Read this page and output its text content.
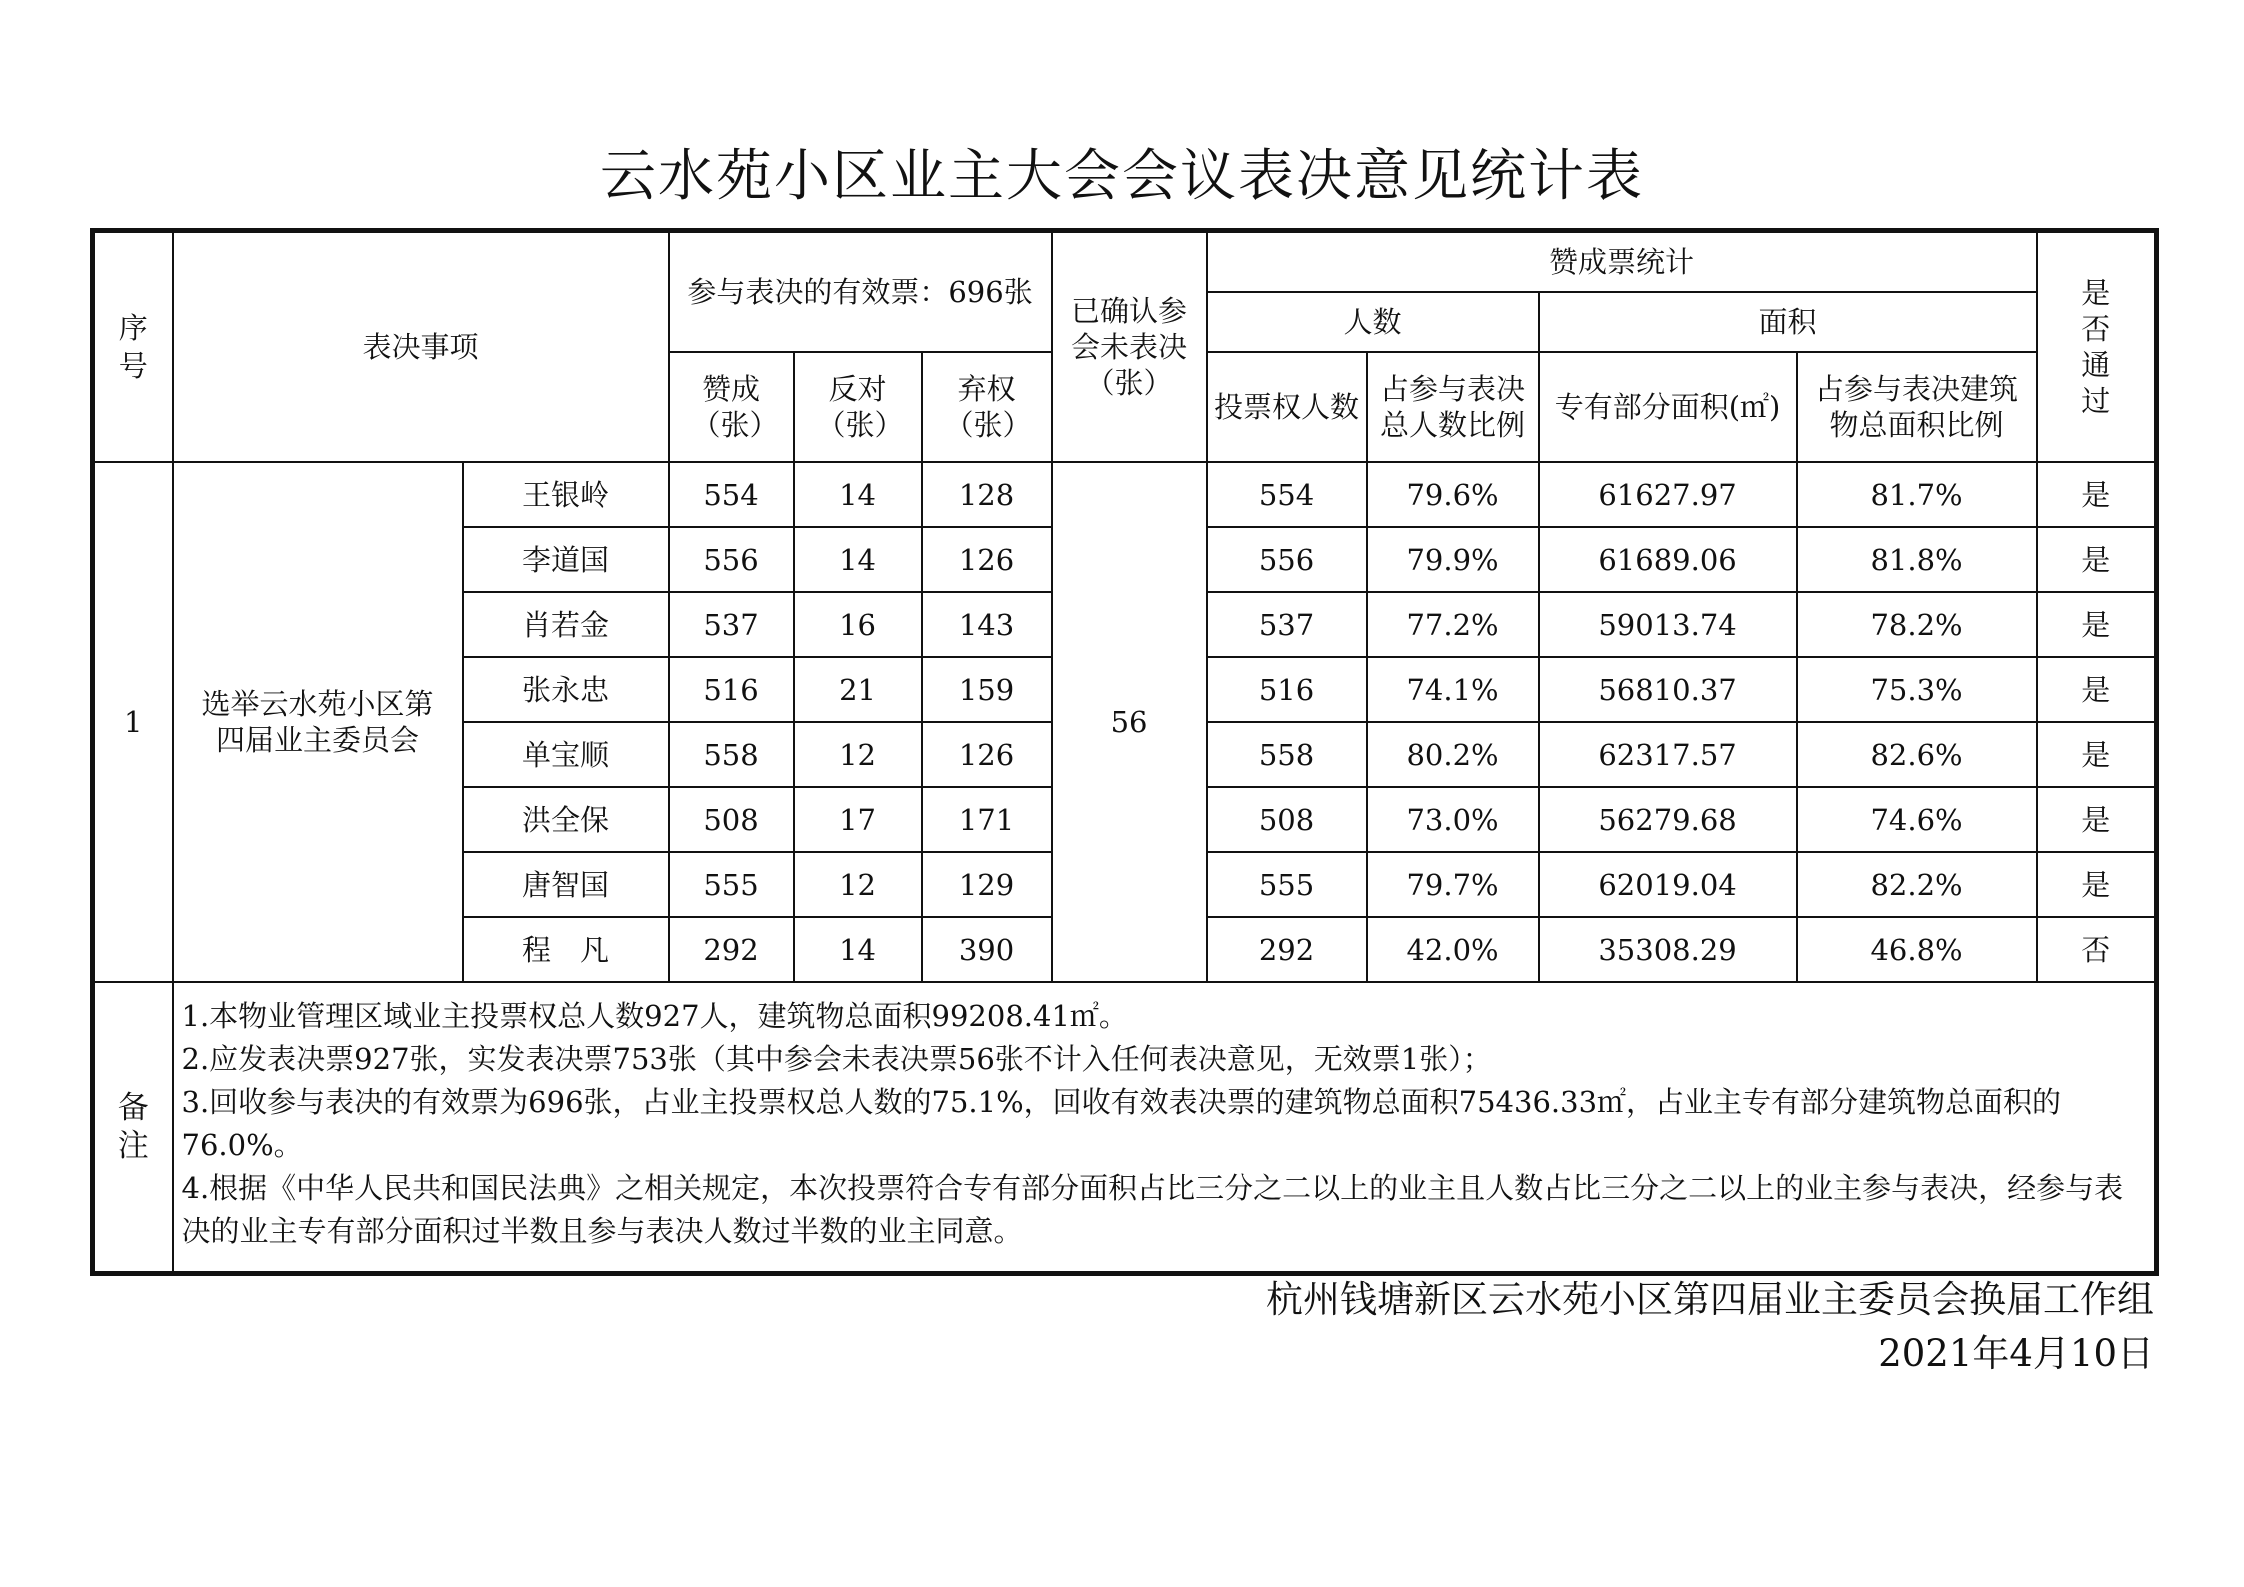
云水苑小区业主大会会议表决意见统计表
序号	表决事项		参与表决的有效票：696张			已确认参会未表决（张）	赞成票统计				是否通过

							人数		面积		

			赞成（张）	反对（张）	弃权（张）		投票权人数	占参与表决总人数比例	专有部分面积(㎡)	占参与表决建筑物总面积比例	

1	选举云水苑小区第四届业主委员会	王银岭	554	14	128	56	554	79.6%	61627.97	81.7%	是
		李道国	556	14	126		556	79.9%	61689.06	81.8%	是
		肖若金	537	16	143		537	77.2%	59013.74	78.2%	是
		张永忠	516	21	159		516	74.1%	56810.37	75.3%	是
		单宝顺	558	12	126		558	80.2%	62317.57	82.6%	是
		洪全保	508	17	171		508	73.0%	56279.68	74.6%	是
		唐智国	555	12	129		555	79.7%	62019.04	82.2%	是
		程　凡	292	14	390		292	42.0%	35308.29	46.8%	否
备注	1.本物业管理区域业主投票权总人数927人，建筑物总面积99208.41㎡。
2.应发表决票927张，实发表决票753张（其中参会未表决票56张不计入任何表决意见，无效票1张）；
3.回收参与表决的有效票为696张，占业主投票权总人数的75.1%，回收有效表决票的建筑物总面积75436.33㎡，占业主专有部分建筑物总面积的76.0%。
4.根据《中华人民共和国民法典》之相关规定，本次投票符合专有部分面积占比三分之二以上的业主且人数占比三分之二以上的业主参与表决，经参与表决的业主专有部分面积过半数且参与表决人数过半数的业主同意。										
杭州钱塘新区云水苑小区第四届业主委员会换届工作组
2021年4月10日
